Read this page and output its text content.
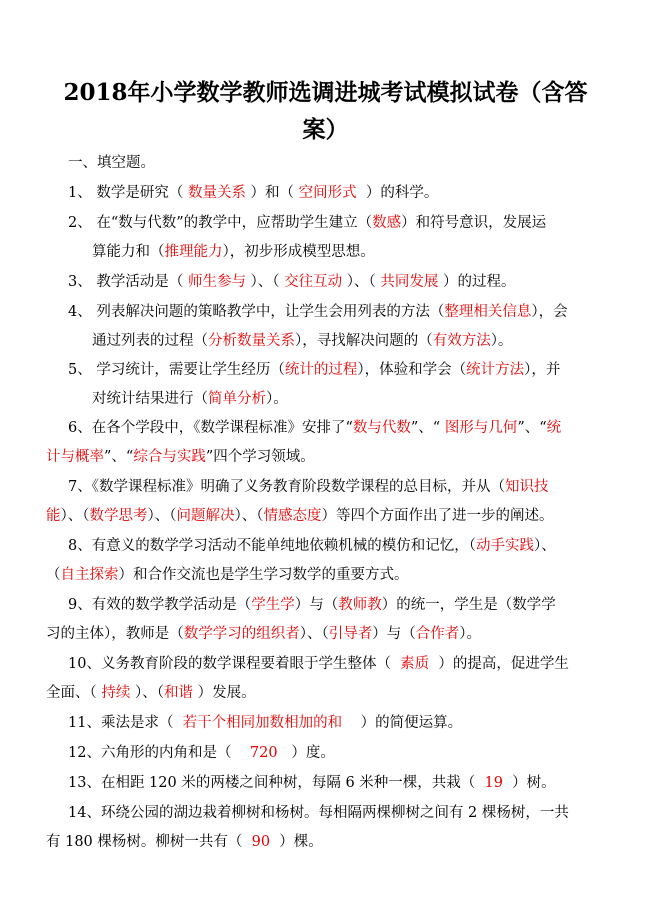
2018年小学数学教师选调进城考试模拟试卷（含答
案）
一、填空题。
1、 数学是研究（ 数量关系 ）和（ 空间形式  ）的科学。
2、 在“数与代数”的教学中，应帮助学生建立（数感）和符号意识，发展运
算能力和（推理能力），初步形成模型思想。
3、 教学活动是（ 师生参与 ）、（ 交往互动 ）、（ 共同发展 ）的过程。
4、 列表解决问题的策略教学中，让学生会用列表的方法（整理相关信息），会
通过列表的过程（分析数量关系），寻找解决问题的（有效方法）。
5、 学习统计，需要让学生经历（统计的过程），体验和学会（统计方法），并
对统计结果进行（简单分析）。
6、在各个学段中，《数学课程标准》安排了“数与代数”、“ 图形与几何”、“统
计与概率”、“综合与实践”四个学习领域。
7、《数学课程标准》明确了义务教育阶段数学课程的总目标，并从（知识技
能）、（数学思考）、（问题解决）、（情感态度）等四个方面作出了进一步的阐述。
8、有意义的数学学习活动不能单纯地依赖机械的模仿和记忆，（动手实践）、
（自主探索）和合作交流也是学生学习数学的重要方式。
9、有效的数学教学活动是（学生学）与（教师教）的统一，学生是（数学学
习的主体），教师是（数学学习的组织者）、（引导者）与（合作者）。
10、义务教育阶段的数学课程要着眼于学生整体（  素质  ）的提高，促进学生
全面、（ 持续 ）、（和谐 ）发展。
11、乘法是求（  若干个相同加数相加的和    ）的简便运算。
12、六角形的内角和是（    720   ）度。
13、在相距 120 米的两楼之间种树，每隔 6 米种一棵，共栽（  19  ）树。
14、环绕公园的湖边栽着柳树和杨树。每相隔两棵柳树之间有 2 棵杨树，一共
有 180 棵杨树。柳树一共有（  90  ）棵。
